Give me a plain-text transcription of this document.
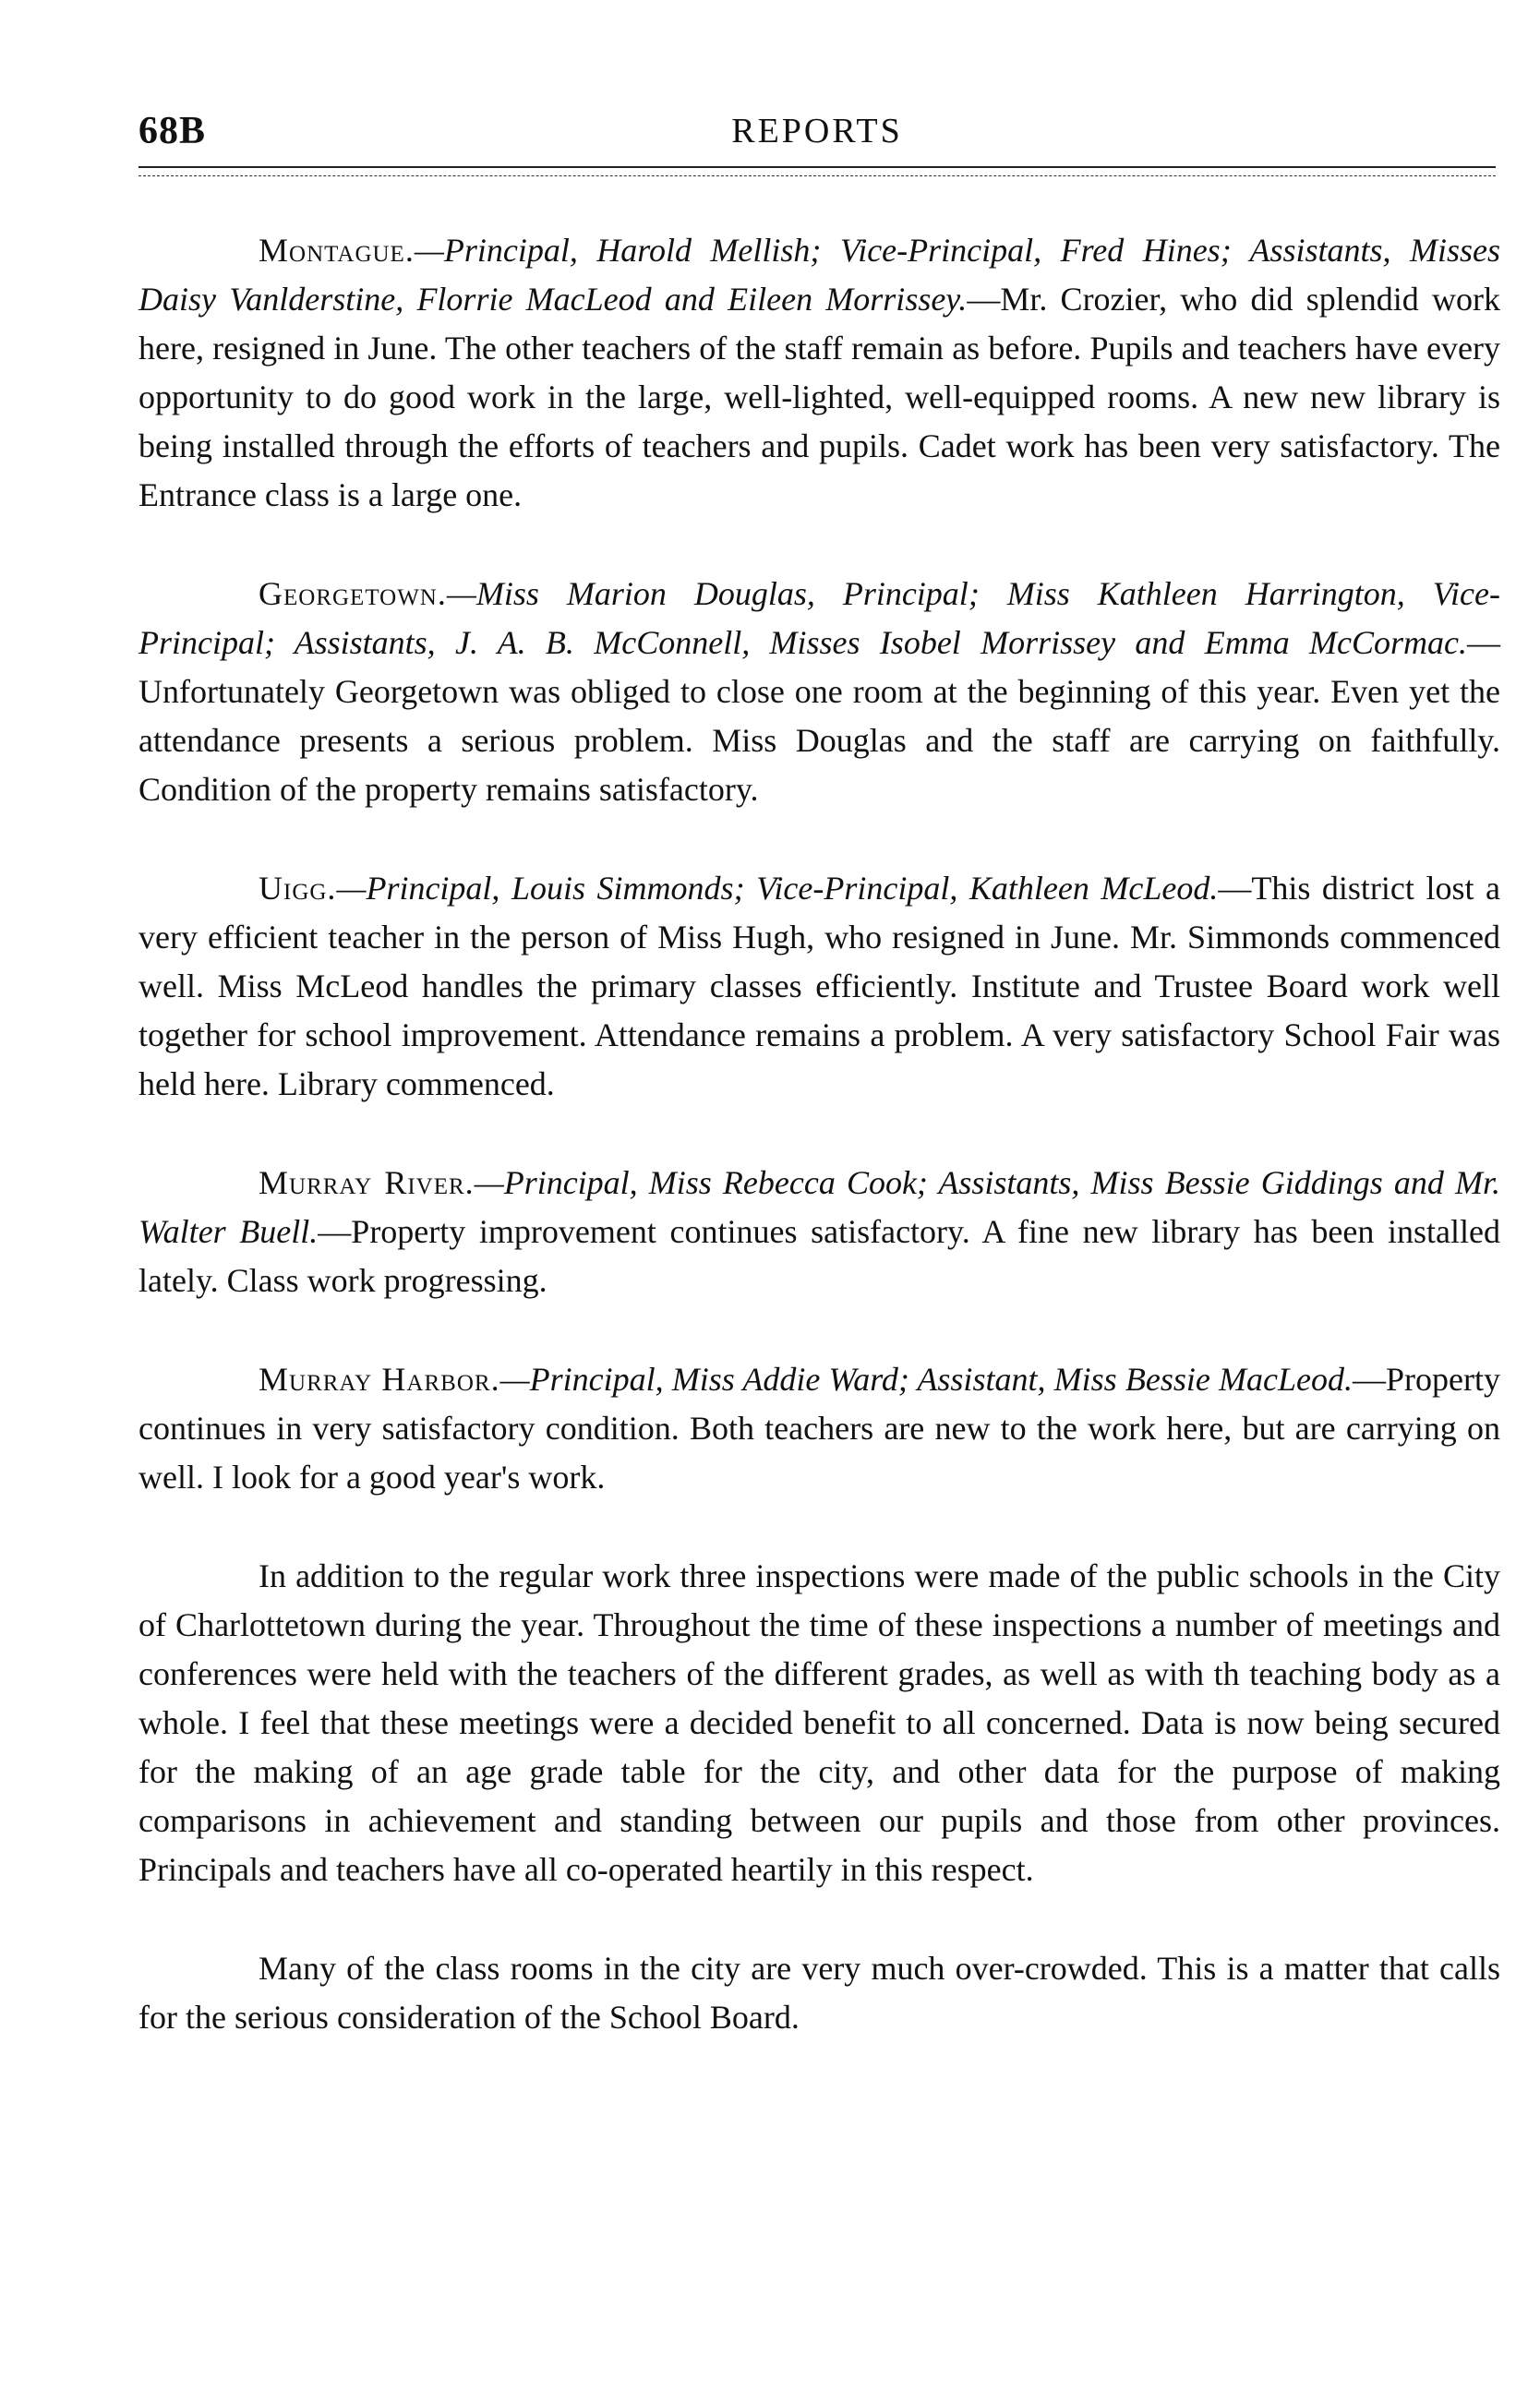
68B	REPORTS

Montague.—Principal, Harold Mellish; Vice-Principal, Fred Hines; Assistants, Misses Daisy Vanlderstine, Florrie MacLeod and Eileen Morrissey.—Mr. Crozier, who did splendid work here, resigned in June. The other teachers of the staff remain as before. Pupils and teachers have every opportunity to do good work in the large, well-lighted, well-equipped rooms. A new new library is being installed through the efforts of teachers and pupils. Cadet work has been very satisfactory. The Entrance class is a large one.

Georgetown.—Miss Marion Douglas, Principal; Miss Kathleen Harrington, Vice-Principal; Assistants, J. A. B. McConnell, Misses Isobel Morrissey and Emma McCormac.—Unfortunately Georgetown was obliged to close one room at the beginning of this year. Even yet the attendance presents a serious problem. Miss Douglas and the staff are carrying on faithfully. Condition of the property remains satisfactory.

Uigg.—Principal, Louis Simmonds; Vice-Principal, Kathleen McLeod.—This district lost a very efficient teacher in the person of Miss Hugh, who resigned in June. Mr. Simmonds commenced well. Miss McLeod handles the primary classes efficiently. Institute and Trustee Board work well together for school improvement. Attendance remains a problem. A very satisfactory School Fair was held here. Library commenced.

Murray River.—Principal, Miss Rebecca Cook; Assistants, Miss Bessie Giddings and Mr. Walter Buell.—Property improvement continues satisfactory. A fine new library has been installed lately. Class work progressing.

Murray Harbor.—Principal, Miss Addie Ward; Assistant, Miss Bessie MacLeod.—Property continues in very satisfactory condition. Both teachers are new to the work here, but are carrying on well. I look for a good year's work.

In addition to the regular work three inspections were made of the public schools in the City of Charlottetown during the year. Throughout the time of these inspections a number of meetings and conferences were held with the teachers of the different grades, as well as with th teaching body as a whole. I feel that these meetings were a decided benefit to all concerned. Data is now being secured for the making of an age grade table for the city, and other data for the purpose of making comparisons in achievement and standing between our pupils and those from other provinces. Principals and teachers have all co-operated heartily in this respect.

Many of the class rooms in the city are very much over-crowded. This is a matter that calls for the serious consideration of the School Board.
